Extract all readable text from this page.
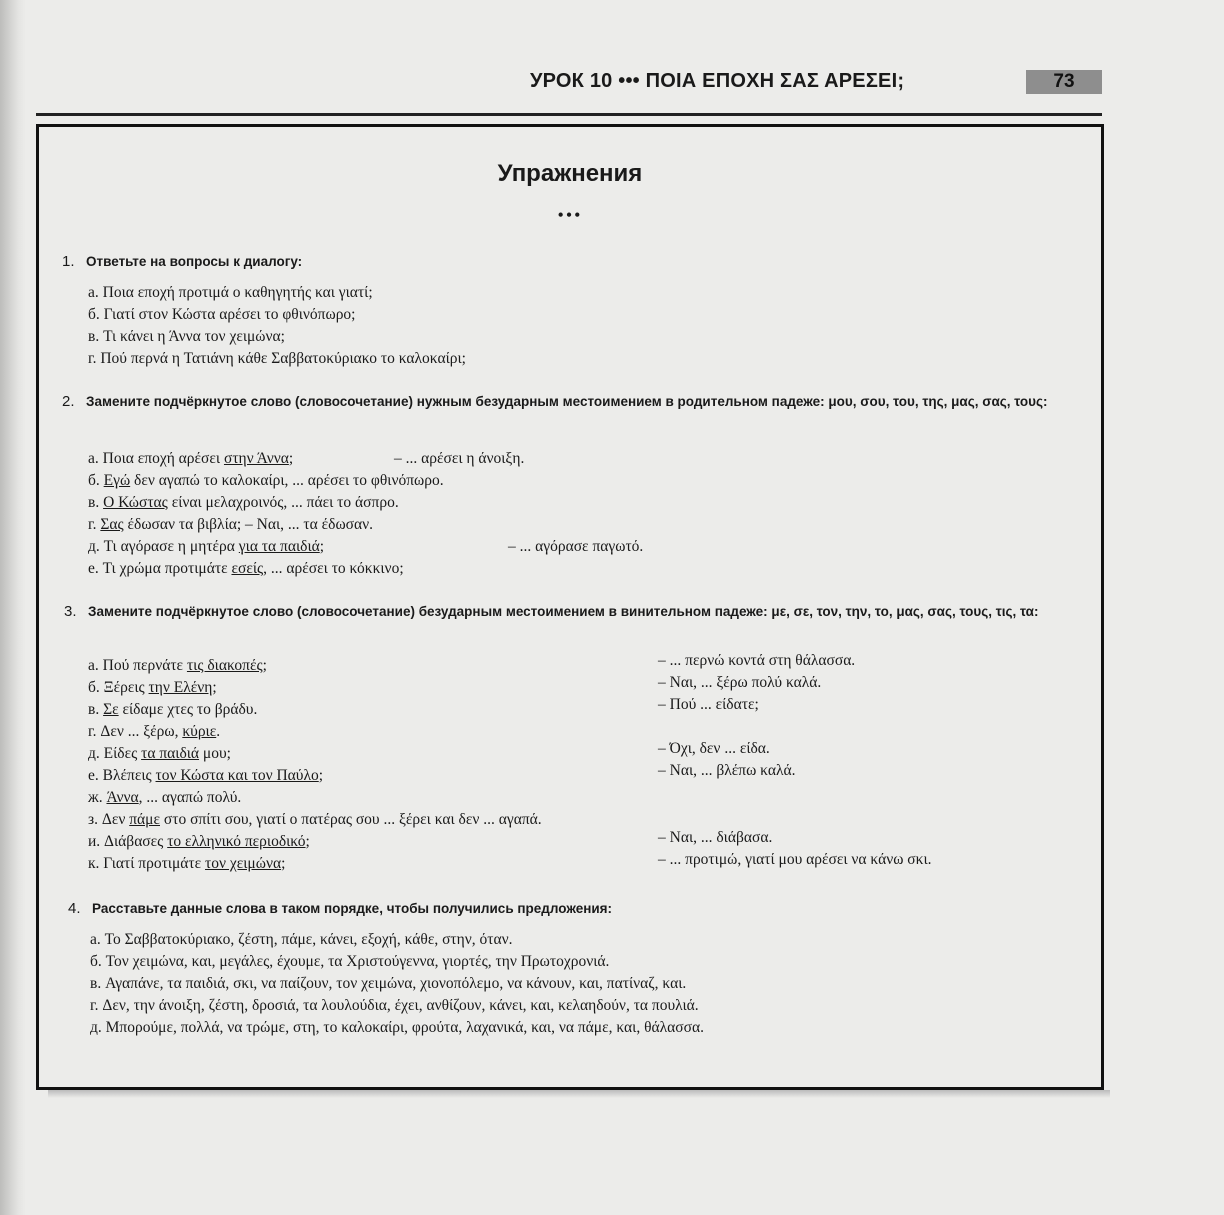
УРОК 10 ••• ΠΟΙΑ ΕΠΟΧΗ ΣΑΣ ΑΡΕΣΕΙ;	73
Упражнения
•••
1. Ответьте на вопросы к диалогу:
а. Ποια εποχή προτιμά ο καθηγητής και γιατί;
б. Γιατί στον Κώστα αρέσει το φθινόπωρο;
в. Τι κάνει η Άννα τον χειμώνα;
г. Πού περνά η Τατιάνη κάθε Σαββατοκύριακο το καλοκαίρι;
2. Замените подчёркнутое слово (словосочетание) нужным безударным местоимением в родительном падеже: μου, σου, του, της, μας, σας, τους:
а. Ποια εποχή αρέσει στην Άννα;	– ... αρέσει η άνοιξη.
б. Εγώ δεν αγαπώ το καλοκαίρι, ... αρέσει το φθινόπωρο.
в. Ο Κώστας είναι μελαχροινός, ... πάει το άσπρο.
г. Σας έδωσαν τα βιβλία; – Ναι, ... τα έδωσαν.
д. Τι αγόρασε η μητέρα για τα παιδιά;	– ... αγόρασε παγωτό.
е. Τι χρώμα προτιμάτε εσείς, ... αρέσει το κόκκινο;
3. Замените подчёркнутое слово (словосочетание) безударным местоимением в винительном падеже: με, σε, τον, την, το, μας, σας, τους, τις, τα:
а. Πού περνάτε τις διακοπές;	– ... περνώ κοντά στη θάλασσα.
б. Ξέρεις την Ελένη;	– Ναι, ... ξέρω πολύ καλά.
в. Σε είδαμε χτες το βράδυ.	– Πού ... είδατε;
г. Δεν ... ξέρω, κύριε.
д. Είδες τα παιδιά μου;	– Όχι, δεν ... είδα.
е. Βλέπεις τον Κώστα και τον Παύλο;	– Ναι, ... βλέπω καλά.
ж. Άννα, ... αγαπώ πολύ.
з. Δεν πάμε στο σπίτι σου, γιατί ο πατέρας σου ... ξέρει και δεν ... αγαπά.
и. Διάβασες το ελληνικό περιοδικό;	– Ναι, ... διάβασα.
к. Γιατί προτιμάτε τον χειμώνα;	– ... προτιμώ, γιατί μου αρέσει να κάνω σκι.
4. Расставьте данные слова в таком порядке, чтобы получились предложения:
а. Το Σαββατοκύριακο, ζέστη, πάμε, κάνει, εξοχή, κάθε, στην, όταν.
б. Τον χειμώνα, και, μεγάλες, έχουμε, τα Χριστούγεννα, γιορτές, την Πρωτοχρονιά.
в. Αγαπάνε, τα παιδιά, σκι, να παίζουν, τον χειμώνα, χιονοπόλεμο, να κάνουν, και, πατίναζ, και.
г. Δεν, την άνοιξη, ζέστη, δροσιά, τα λουλούδια, έχει, ανθίζουν, κάνει, και, κελαηδούν, τα πουλιά.
д. Μπορούμε, πολλά, να τρώμε, στη, το καλοκαίρι, φρούτα, λαχανικά, και, να πάμε, και, θάλασσα.
